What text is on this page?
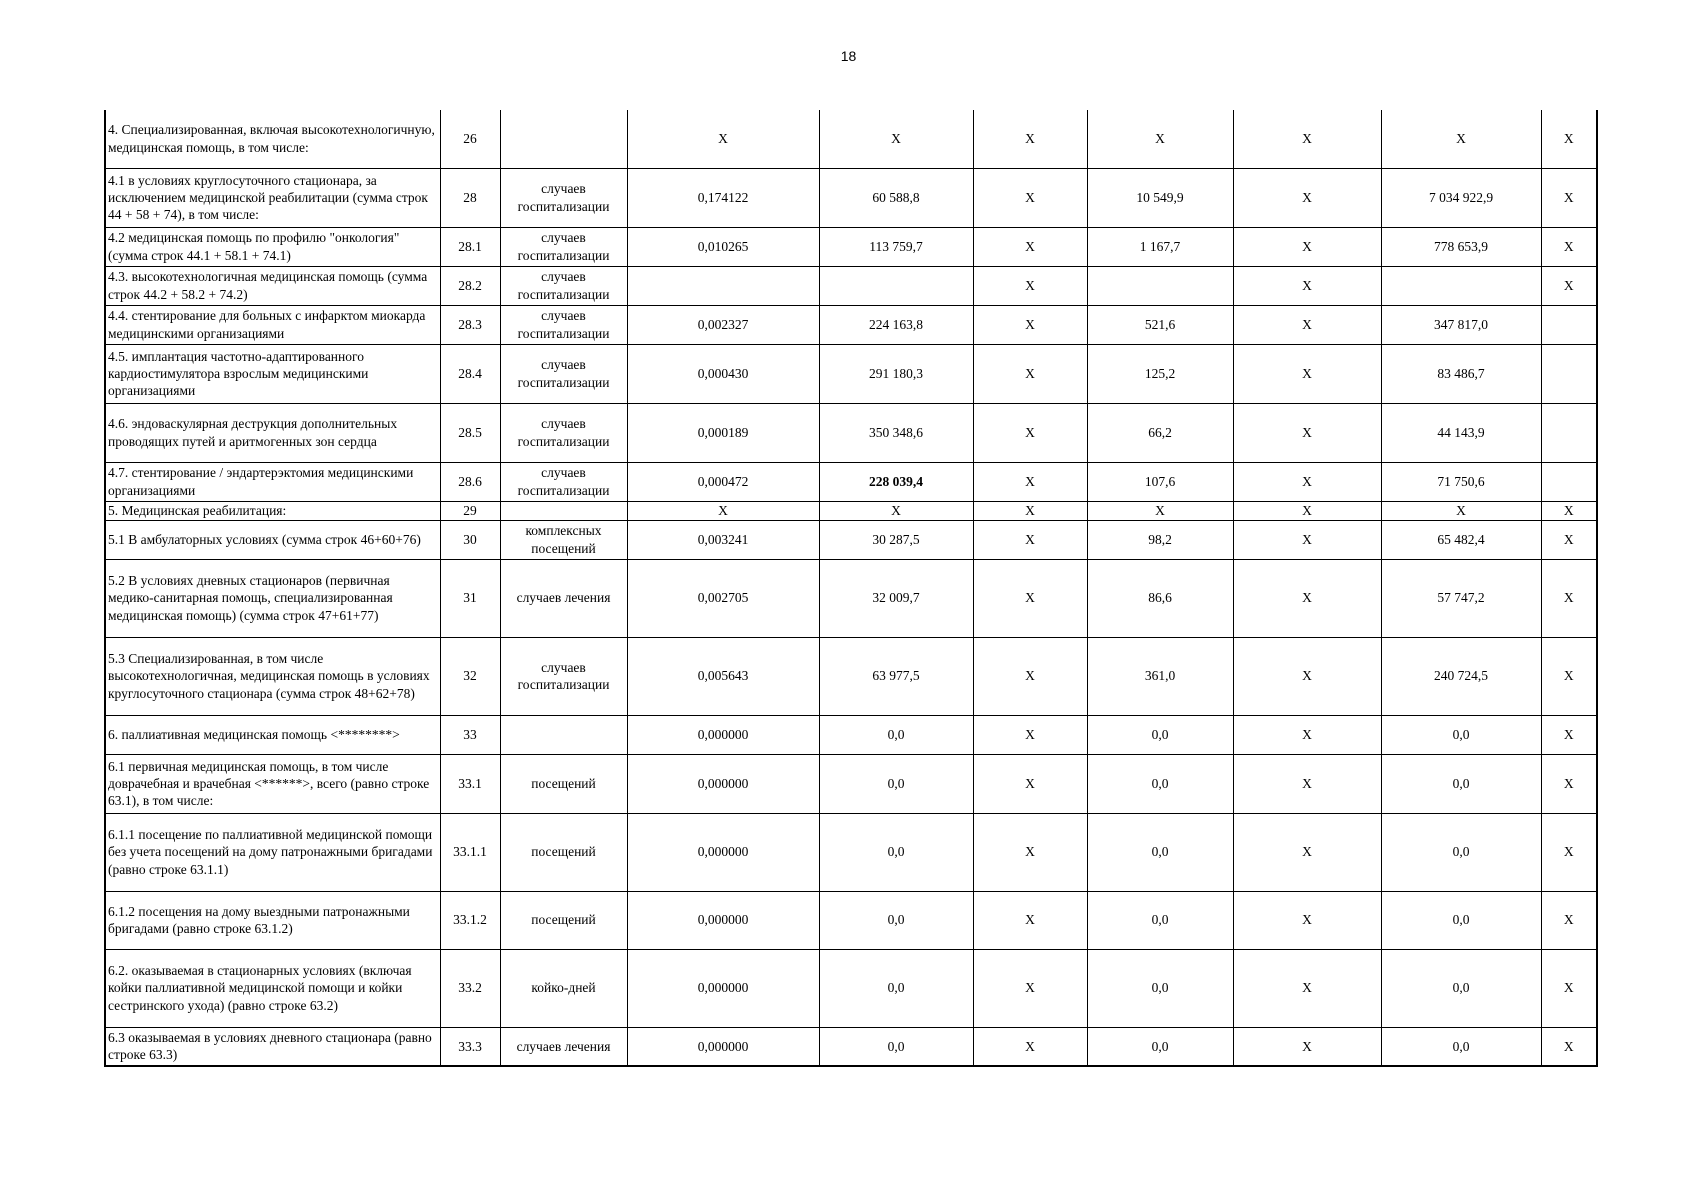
18
4. Специализированная, включая высокотехнологичную, медицинская помощь, в том числе:	26		X	X	X	X	X	X	X
4.1 в условиях круглосуточного стационара, за исключением медицинской реабилитации (сумма строк 44 + 58 + 74), в том числе:	28	случаев госпитализации	0,174122	60 588,8	X	10 549,9	X	7 034 922,9	X
4.2 медицинская помощь по профилю "онкология" (сумма строк 44.1 + 58.1 + 74.1)	28.1	случаев госпитализации	0,010265	113 759,7	X	1 167,7	X	778 653,9	X
4.3. высокотехнологичная медицинская помощь (сумма строк 44.2 + 58.2 + 74.2)	28.2	случаев госпитализации			X		X		X
4.4. стентирование для больных с инфарктом миокарда медицинскими организациями	28.3	случаев госпитализации	0,002327	224 163,8	X	521,6	X	347 817,0	
4.5. имплантация частотно-адаптированного кардиостимулятора взрослым медицинскими организациями	28.4	случаев госпитализации	0,000430	291 180,3	X	125,2	X	83 486,7	
4.6. эндоваскулярная деструкция дополнительных проводящих путей и аритмогенных зон сердца	28.5	случаев госпитализации	0,000189	350 348,6	X	66,2	X	44 143,9	
4.7. стентирование / эндартерэктомия медицинскими организациями	28.6	случаев госпитализации	0,000472	228 039,4	X	107,6	X	71 750,6	
5. Медицинская реабилитация:	29		X	X	X	X	X	X	X
5.1 В амбулаторных условиях (сумма строк 46+60+76)	30	комплексных посещений	0,003241	30 287,5	X	98,2	X	65 482,4	X
5.2 В условиях дневных стационаров (первичная медико-санитарная помощь, специализированная медицинская помощь) (сумма строк 47+61+77)	31	случаев лечения	0,002705	32 009,7	X	86,6	X	57 747,2	X
5.3 Специализированная, в том числе высокотехнологичная, медицинская помощь в условиях круглосуточного стационара (сумма строк 48+62+78)	32	случаев госпитализации	0,005643	63 977,5	X	361,0	X	240 724,5	X
6. паллиативная медицинская помощь <********>	33		0,000000	0,0	X	0,0	X	0,0	X
6.1 первичная медицинская помощь, в том числе доврачебная и врачебная <******>, всего (равно строке 63.1), в том числе:	33.1	посещений	0,000000	0,0	X	0,0	X	0,0	X
6.1.1 посещение по паллиативной медицинской помощи без учета посещений на дому патронажными бригадами (равно строке 63.1.1)	33.1.1	посещений	0,000000	0,0	X	0,0	X	0,0	X
6.1.2 посещения на дому выездными патронажными бригадами (равно строке 63.1.2)	33.1.2	посещений	0,000000	0,0	X	0,0	X	0,0	X
6.2. оказываемая в стационарных условиях (включая койки паллиативной медицинской помощи и койки сестринского ухода) (равно строке 63.2)	33.2	койко-дней	0,000000	0,0	X	0,0	X	0,0	X
6.3 оказываемая в условиях дневного стационара (равно строке 63.3)	33.3	случаев лечения	0,000000	0,0	X	0,0	X	0,0	X
